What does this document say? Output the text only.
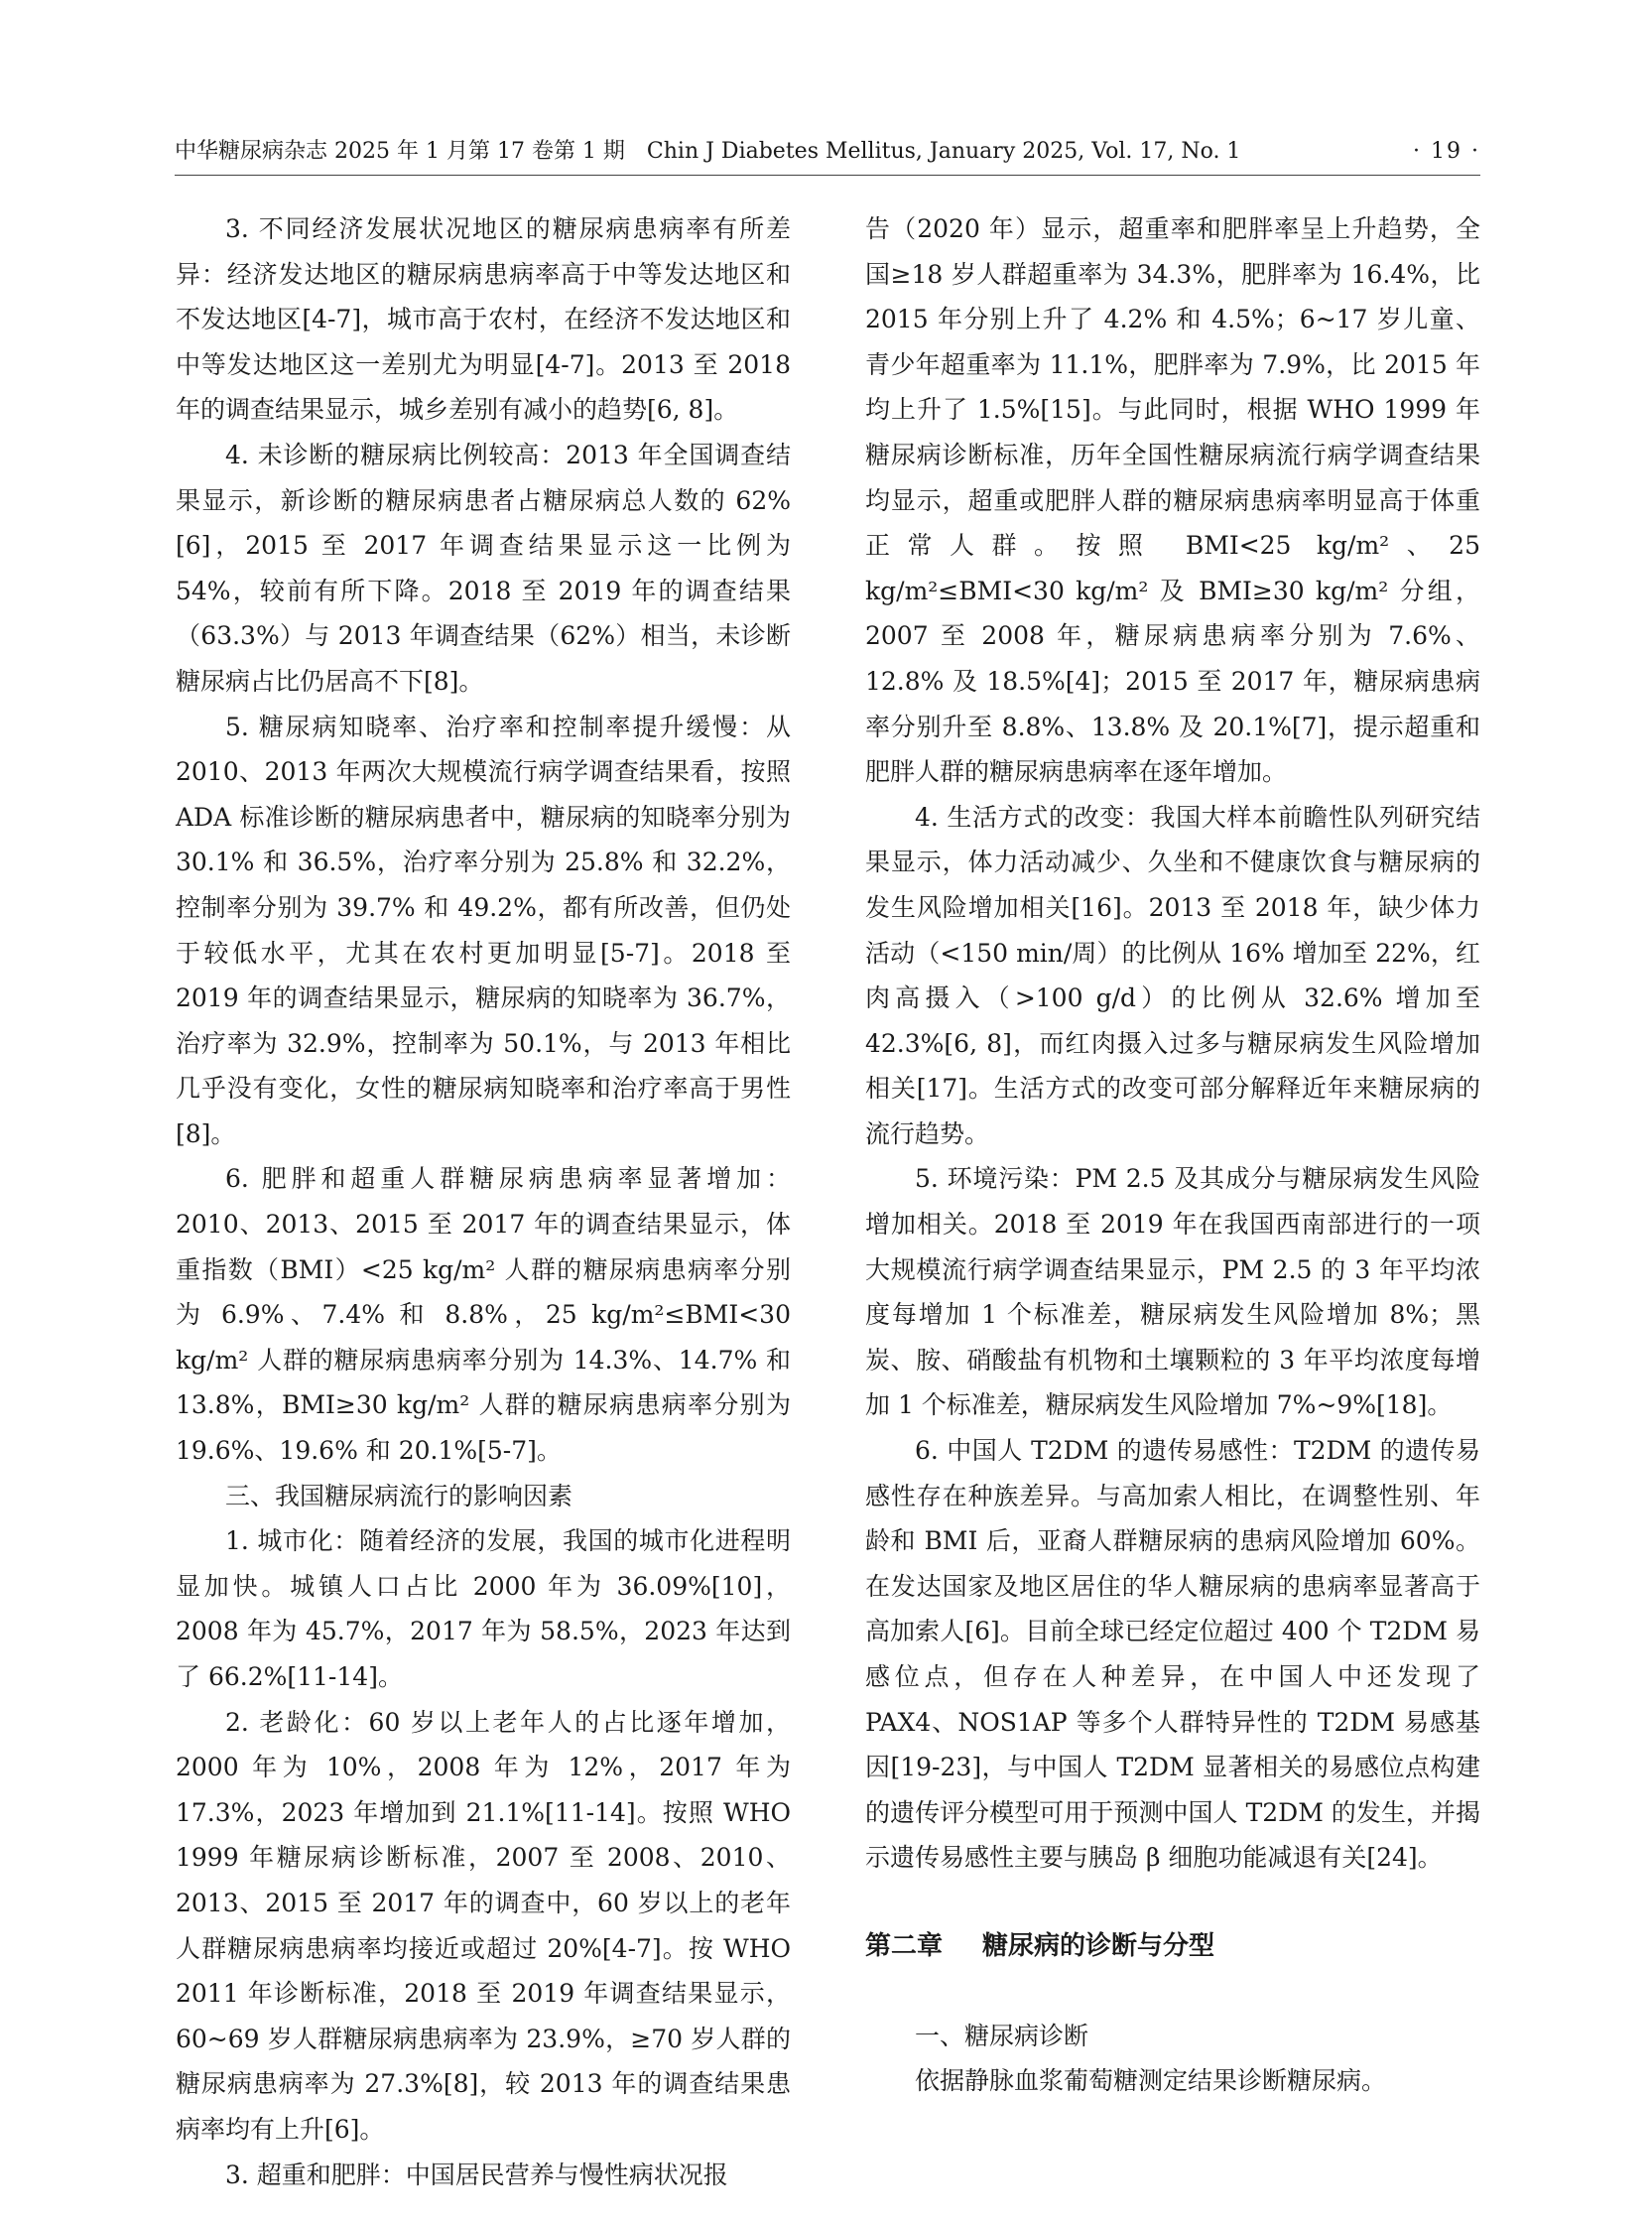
中华糖尿病杂志 2025 年 1 月第 17 卷第 1 期　Chin J Diabetes Mellitus, January 2025, Vol. 17, No. 1	· 19 ·

3. 不同经济发展状况地区的糖尿病患病率有所差异：经济发达地区的糖尿病患病率高于中等发达地区和不发达地区[4-7]，城市高于农村，在经济不发达地区和中等发达地区这一差别尤为明显[4-7]。2013 至 2018 年的调查结果显示，城乡差别有减小的趋势[6, 8]。

4. 未诊断的糖尿病比例较高：2013 年全国调查结果显示，新诊断的糖尿病患者占糖尿病总人数的 62%[6]，2015 至 2017 年调查结果显示这一比例为 54%，较前有所下降。2018 至 2019 年的调查结果（63.3%）与 2013 年调查结果（62%）相当，未诊断糖尿病占比仍居高不下[8]。

5. 糖尿病知晓率、治疗率和控制率提升缓慢：从 2010、2013 年两次大规模流行病学调查结果看，按照 ADA 标准诊断的糖尿病患者中，糖尿病的知晓率分别为 30.1% 和 36.5%，治疗率分别为 25.8% 和 32.2%，控制率分别为 39.7% 和 49.2%，都有所改善，但仍处于较低水平，尤其在农村更加明显[5-7]。2018 至 2019 年的调查结果显示，糖尿病的知晓率为 36.7%，治疗率为 32.9%，控制率为 50.1%，与 2013 年相比几乎没有变化，女性的糖尿病知晓率和治疗率高于男性[8]。

6. 肥胖和超重人群糖尿病患病率显著增加：2010、2013、2015 至 2017 年的调查结果显示，体重指数（BMI）<25 kg/m² 人群的糖尿病患病率分别为 6.9%、7.4% 和 8.8%，25 kg/m²≤BMI<30 kg/m² 人群的糖尿病患病率分别为 14.3%、14.7% 和 13.8%，BMI≥30 kg/m² 人群的糖尿病患病率分别为 19.6%、19.6% 和 20.1%[5-7]。

三、我国糖尿病流行的影响因素

1. 城市化：随着经济的发展，我国的城市化进程明显加快。城镇人口占比 2000 年为 36.09%[10]，2008 年为 45.7%，2017 年为 58.5%，2023 年达到了 66.2%[11-14]。

2. 老龄化：60 岁以上老年人的占比逐年增加，2000 年为 10%，2008 年为 12%，2017 年为 17.3%，2023 年增加到 21.1%[11-14]。按照 WHO 1999 年糖尿病诊断标准，2007 至 2008、2010、2013、2015 至 2017 年的调查中，60 岁以上的老年人群糖尿病患病率均接近或超过 20%[4-7]。按 WHO 2011 年诊断标准，2018 至 2019 年调查结果显示，60~69 岁人群糖尿病患病率为 23.9%，≥70 岁人群的糖尿病患病率为 27.3%[8]，较 2013 年的调查结果患病率均有上升[6]。

3. 超重和肥胖：中国居民营养与慢性病状况报

告（2020 年）显示，超重率和肥胖率呈上升趋势，全国≥18 岁人群超重率为 34.3%，肥胖率为 16.4%，比 2015 年分别上升了 4.2% 和 4.5%；6~17 岁儿童、青少年超重率为 11.1%，肥胖率为 7.9%，比 2015 年均上升了 1.5%[15]。与此同时，根据 WHO 1999 年糖尿病诊断标准，历年全国性糖尿病流行病学调查结果均显示，超重或肥胖人群的糖尿病患病率明显高于体重正常人群。按照 BMI<25 kg/m²、25 kg/m²≤BMI<30 kg/m² 及 BMI≥30 kg/m² 分组，2007 至 2008 年，糖尿病患病率分别为 7.6%、12.8% 及 18.5%[4]；2015 至 2017 年，糖尿病患病率分别升至 8.8%、13.8% 及 20.1%[7]，提示超重和肥胖人群的糖尿病患病率在逐年增加。

4. 生活方式的改变：我国大样本前瞻性队列研究结果显示，体力活动减少、久坐和不健康饮食与糖尿病的发生风险增加相关[16]。2013 至 2018 年，缺少体力活动（<150 min/周）的比例从 16% 增加至 22%，红肉高摄入（>100 g/d）的比例从 32.6% 增加至 42.3%[6, 8]，而红肉摄入过多与糖尿病发生风险增加相关[17]。生活方式的改变可部分解释近年来糖尿病的流行趋势。

5. 环境污染：PM 2.5 及其成分与糖尿病发生风险增加相关。2018 至 2019 年在我国西南部进行的一项大规模流行病学调查结果显示，PM 2.5 的 3 年平均浓度每增加 1 个标准差，糖尿病发生风险增加 8%；黑炭、胺、硝酸盐有机物和土壤颗粒的 3 年平均浓度每增加 1 个标准差，糖尿病发生风险增加 7%~9%[18]。

6. 中国人 T2DM 的遗传易感性：T2DM 的遗传易感性存在种族差异。与高加索人相比，在调整性别、年龄和 BMI 后，亚裔人群糖尿病的患病风险增加 60%。在发达国家及地区居住的华人糖尿病的患病率显著高于高加索人[6]。目前全球已经定位超过 400 个 T2DM 易感位点，但存在人种差异，在中国人中还发现了 PAX4、NOS1AP 等多个人群特异性的 T2DM 易感基因[19-23]，与中国人 T2DM 显著相关的易感位点构建的遗传评分模型可用于预测中国人 T2DM 的发生，并揭示遗传易感性主要与胰岛 β 细胞功能减退有关[24]。

第二章 糖尿病的诊断与分型

一、糖尿病诊断

依据静脉血浆葡萄糖测定结果诊断糖尿病。
